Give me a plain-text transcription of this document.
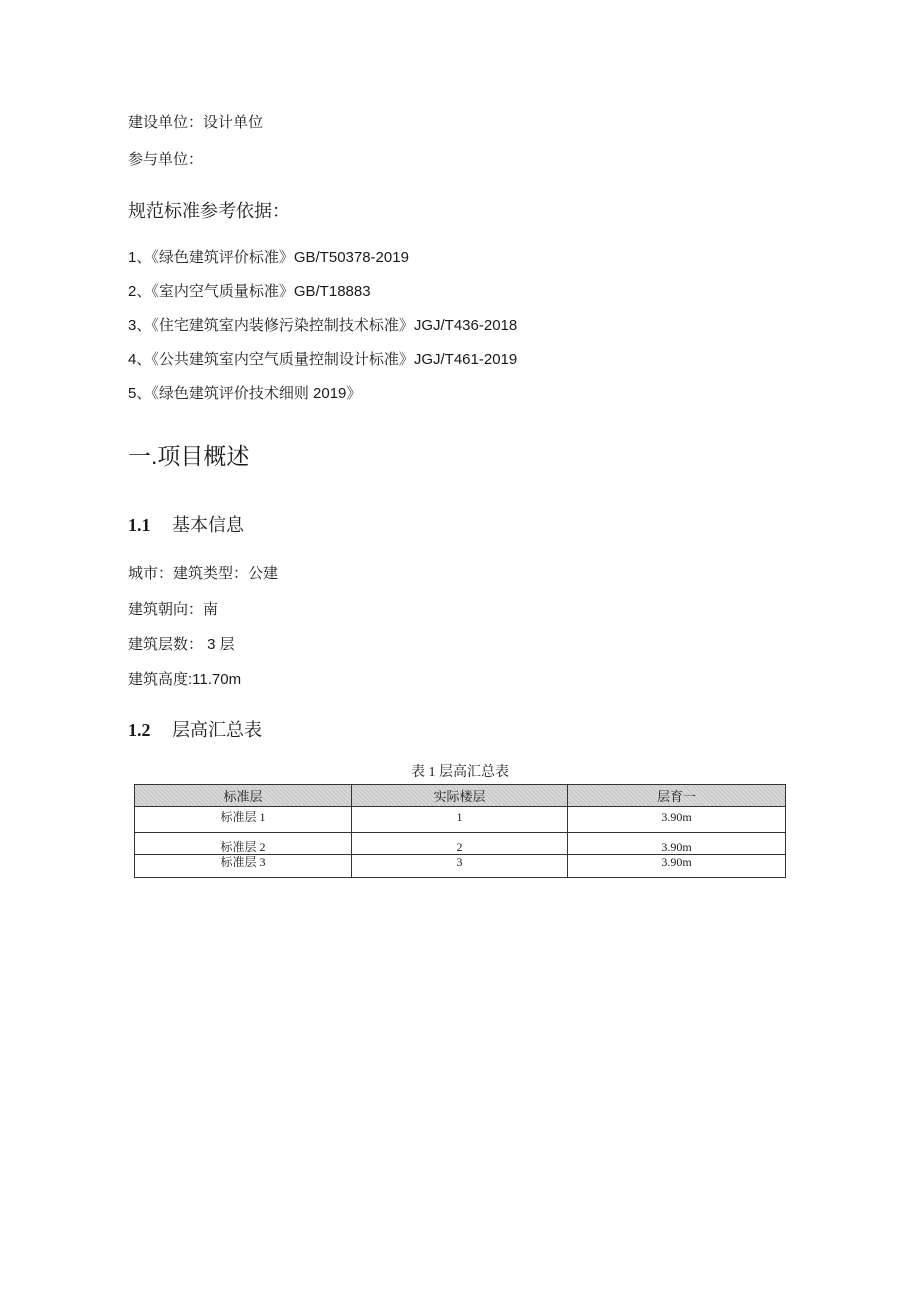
建设单位：设计单位
参与单位：
规范标准参考依据：
1、《绿色建筑评价标准》GB/T50378-2019
2、《室内空气质量标准》GB/T18883
3、《住宅建筑室内装修污染控制技术标准》JGJ/T436-2018
4、《公共建筑室内空气质量控制设计标准》JGJ/T461-2019
5、《绿色建筑评价技术细则 2019》
一.项目概述
1.1 基本信息
城市：建筑类型：公建
建筑朝向：南
建筑层数： 3 层
建筑高度:11.70m
1.2 层高汇总表
表 1 层高汇总表
标准层	实际楼层	层育一
标准层 1	1	3.90m
标准层 2	2	3.90m
标准层 3	3	3.90m
